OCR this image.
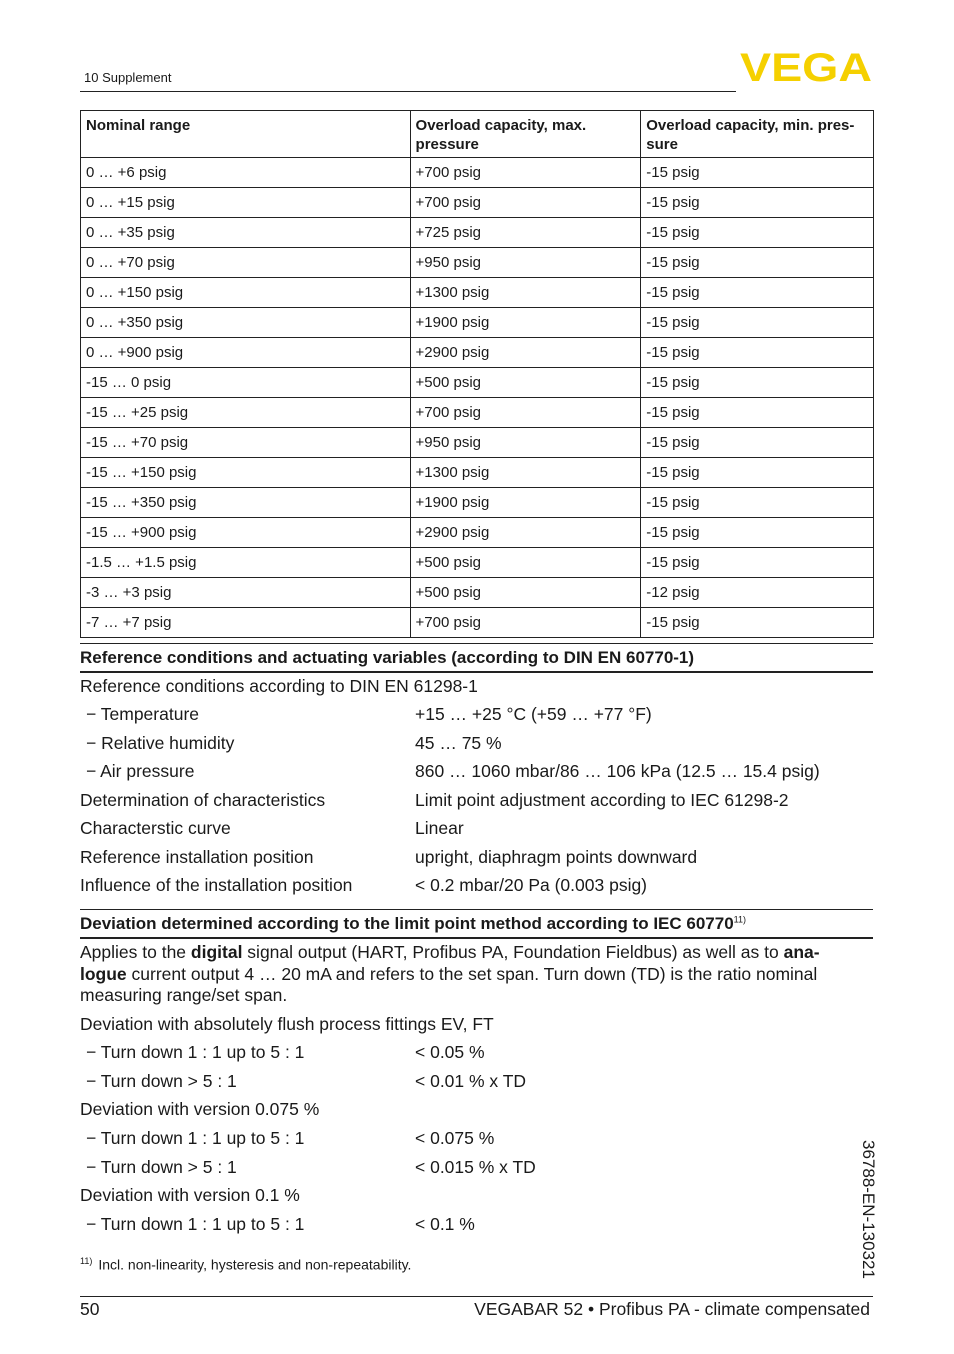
10 Supplement	VEGA
Nominal range	Overload capacity, max. pressure	Overload capacity, min. pres-sure
0 … +6 psig	+700 psig	-15 psig
0 … +15 psig	+700 psig	-15 psig
0 … +35 psig	+725 psig	-15 psig
0 … +70 psig	+950 psig	-15 psig
0 … +150 psig	+1300 psig	-15 psig
0 … +350 psig	+1900 psig	-15 psig
0 … +900 psig	+2900 psig	-15 psig
-15 … 0 psig	+500 psig	-15 psig
-15 … +25 psig	+700 psig	-15 psig
-15 … +70 psig	+950 psig	-15 psig
-15 … +150 psig	+1300 psig	-15 psig
-15 … +350 psig	+1900 psig	-15 psig
-15 … +900 psig	+2900 psig	-15 psig
-1.5 … +1.5 psig	+500 psig	-15 psig
-3 … +3 psig	+500 psig	-12 psig
-7 … +7 psig	+700 psig	-15 psig
Reference conditions and actuating variables (according to DIN EN 60770-1)
Reference conditions according to DIN EN 61298-1
− Temperature	+15 … +25 °C (+59 … +77 °F)
− Relative humidity	45 … 75 %
− Air pressure	860 … 1060 mbar/86 … 106 kPa (12.5 … 15.4 psig)
Determination of characteristics	Limit point adjustment according to IEC 61298-2
Characterstic curve	Linear
Reference installation position	upright, diaphragm points downward
Influence of the installation position	< 0.2 mbar/20 Pa (0.003 psig)
Deviation determined according to the limit point method according to IEC 60770$^{11)}$
Applies to the digital signal output (HART, Profibus PA, Foundation Fieldbus) as well as to ana-logue current output 4 … 20 mA and refers to the set span. Turn down (TD) is the ratio nominal measuring range/set span.
Deviation with absolutely flush process fittings EV, FT
− Turn down 1 : 1 up to 5 : 1	< 0.05 %
− Turn down > 5 : 1	< 0.01 % x TD
Deviation with version 0.075 %
− Turn down 1 : 1 up to 5 : 1	< 0.075 %
− Turn down > 5 : 1	< 0.015 % x TD
Deviation with version 0.1 %
− Turn down 1 : 1 up to 5 : 1	< 0.1 %
$^{11)}$ Incl. non-linearity, hysteresis and non-repeatability.
50	VEGABAR 52 • Profibus PA - climate compensated
36788-EN-130321
